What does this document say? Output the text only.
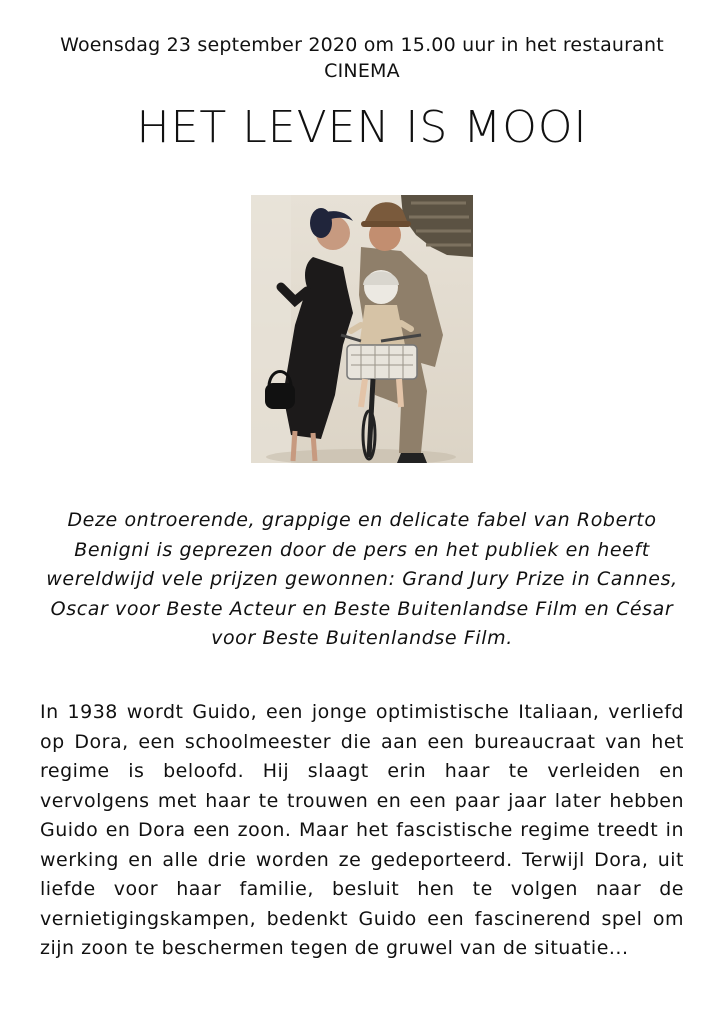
Woensdag 23 september 2020 om 15.00 uur in het restaurant
CINEMA
HET LEVEN IS MOOI

Deze ontroerende, grappige en delicate fabel van Roberto Benigni is geprezen door de pers en het publiek en heeft wereldwijd vele prijzen gewonnen: Grand Jury Prize in Cannes, Oscar voor Beste Acteur en Beste Buitenlandse Film en César voor Beste Buitenlandse Film.

In 1938 wordt Guido, een jonge optimistische Italiaan, verliefd op Dora, een schoolmeester die aan een bureaucraat van het regime is beloofd. Hij slaagt erin haar te verleiden en vervolgens met haar te trouwen en een paar jaar later hebben Guido en Dora een zoon. Maar het fascistische regime treedt in werking en alle drie worden ze gedeporteerd. Terwijl Dora, uit liefde voor haar familie, besluit hen te volgen naar de vernietigingskampen, bedenkt Guido een fascinerend spel om zijn zoon te beschermen tegen de gruwel van de situatie...
